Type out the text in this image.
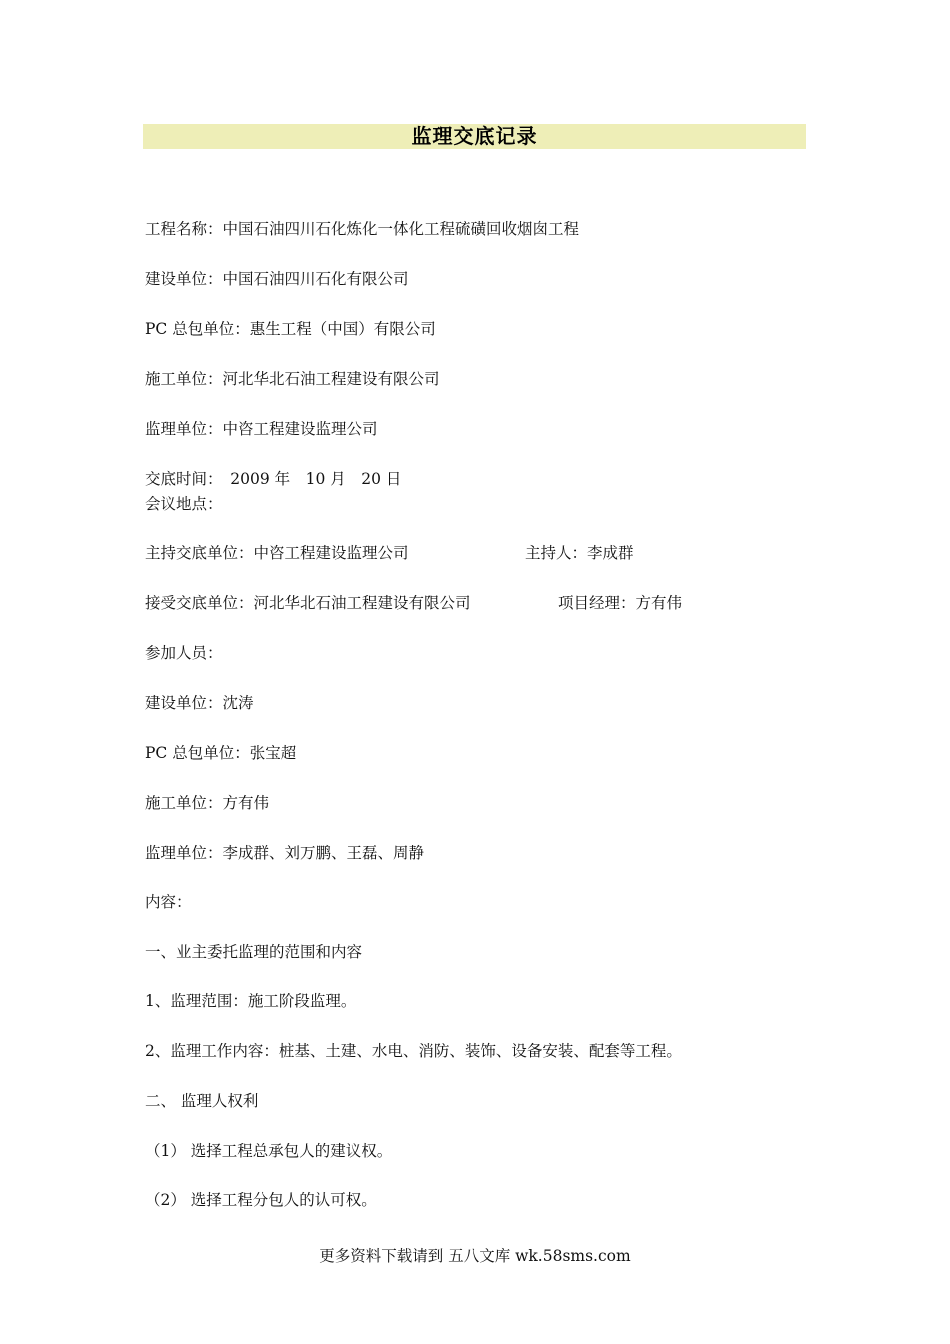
监理交底记录
工程名称：中国石油四川石化炼化一体化工程硫磺回收烟囱工程
建设单位：中国石油四川石化有限公司
PC 总包单位：惠生工程（中国）有限公司
施工单位：河北华北石油工程建设有限公司
监理单位：中咨工程建设监理公司
交底时间：　2009 年　10 月　20 日
会议地点：
主持交底单位：中咨工程建设监理公司	主持人：李成群
接受交底单位：河北华北石油工程建设有限公司	项目经理：方有伟
参加人员：
建设单位：沈涛
PC 总包单位：张宝超
施工单位：方有伟
监理单位：李成群、刘万鹏、王磊、周静
内容：
一、业主委托监理的范围和内容
1、监理范围：施工阶段监理。
2、监理工作内容：桩基、土建、水电、消防、装饰、设备安装、配套等工程。
二、 监理人权利
（1） 选择工程总承包人的建议权。
（2） 选择工程分包人的认可权。
更多资料下载请到 五八文库 wk.58sms.com
